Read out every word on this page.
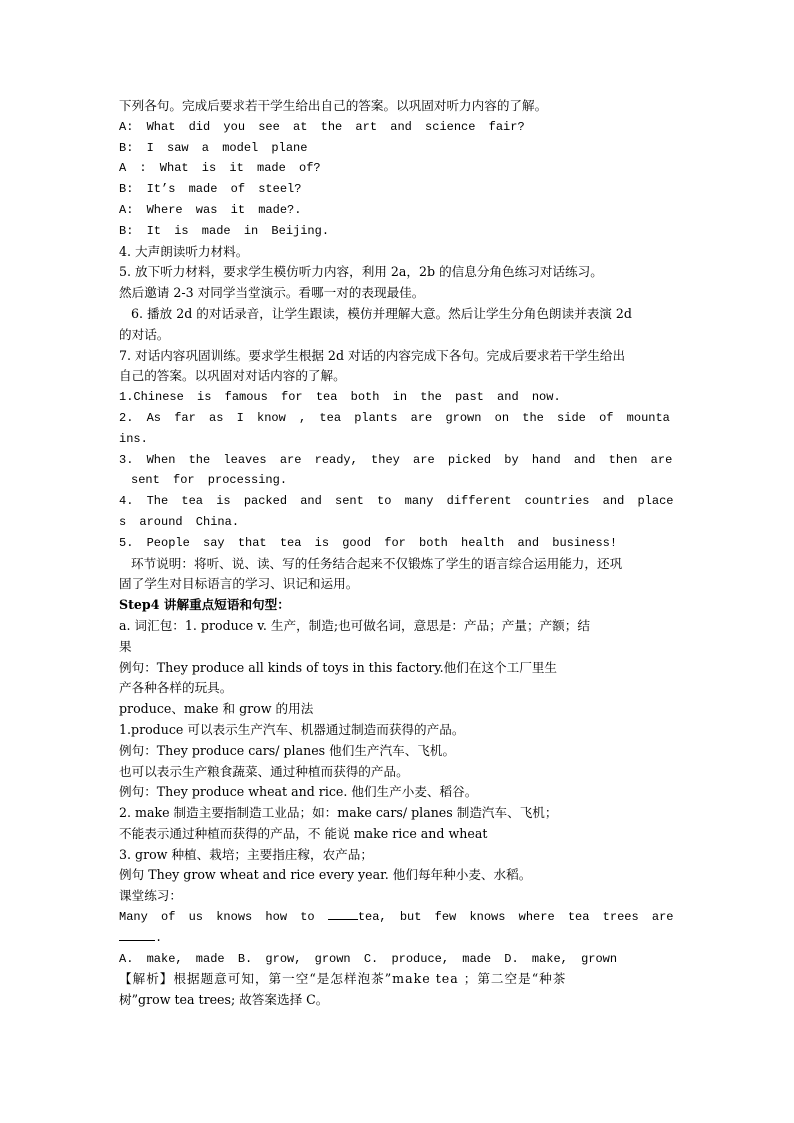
下列各句。完成后要求若干学生给出自己的答案。以巩固对听力内容的了解。
A: What did you see at the art and science fair?
B: I saw a model plane
A : What is it made of?
B: It’s made of steel?
A: Where was it made?.
B: It is made in Beijing.
4. 大声朗读听力材料。
5. 放下听力材料，要求学生模仿听力内容，利用 2a，2b 的信息分角色练习对话练习。
然后邀请 2-3 对同学当堂演示。看哪一对的表现最佳。
6. 播放 2d 的对话录音，让学生跟读，模仿并理解大意。然后让学生分角色朗读并表演 2d
的对话。
7. 对话内容巩固训练。要求学生根据 2d 对话的内容完成下各句。完成后要求若干学生给出
自己的答案。以巩固对对话内容的了解。
1.Chinese is famous for tea both in the past and now.
2. As far as I know , tea plants are grown on the side of mounta
ins.
3. When the leaves are ready, they are picked by hand and then are
sent for processing.
4. The tea is packed and sent to many different countries and place
s around China.
5. People say that tea is good for both health and business!
环节说明：将听、说、读、写的任务结合起来不仅锻炼了学生的语言综合运用能力，还巩
固了学生对目标语言的学习、识记和运用。
Step4 讲解重点短语和句型：
a. 词汇包：1. produce v. 生产，制造;也可做名词，意思是：产品；产量；产额；结
果
例句：They produce all kinds of toys in this factory.他们在这个工厂里生
产各种各样的玩具。
produce、make 和 grow 的用法
1.produce 可以表示生产汽车、机器通过制造而获得的产品。
例句：They produce cars/ planes 他们生产汽车、飞机。
也可以表示生产粮食蔬菜、通过种植而获得的产品。
例句：They produce wheat and rice. 他们生产小麦、稻谷。
2. make 制造主要指制造工业品；如：make cars/ planes 制造汽车、飞机；
不能表示通过种植而获得的产品，不 能说 make rice and wheat
3. grow 种植、栽培；主要指庄稼，农产品；
例句 They grow wheat and rice every year. 他们每年种小麦、水稻。
课堂练习：
Many of us knows how to	tea, but few knows where tea trees are
.
A. make, made B. grow, grown C. produce, made D. make, grown
【解析】根据题意可知，第一空“是怎样泡茶”make tea ；第二空是“种茶
树”grow tea trees; 故答案选择 C。
